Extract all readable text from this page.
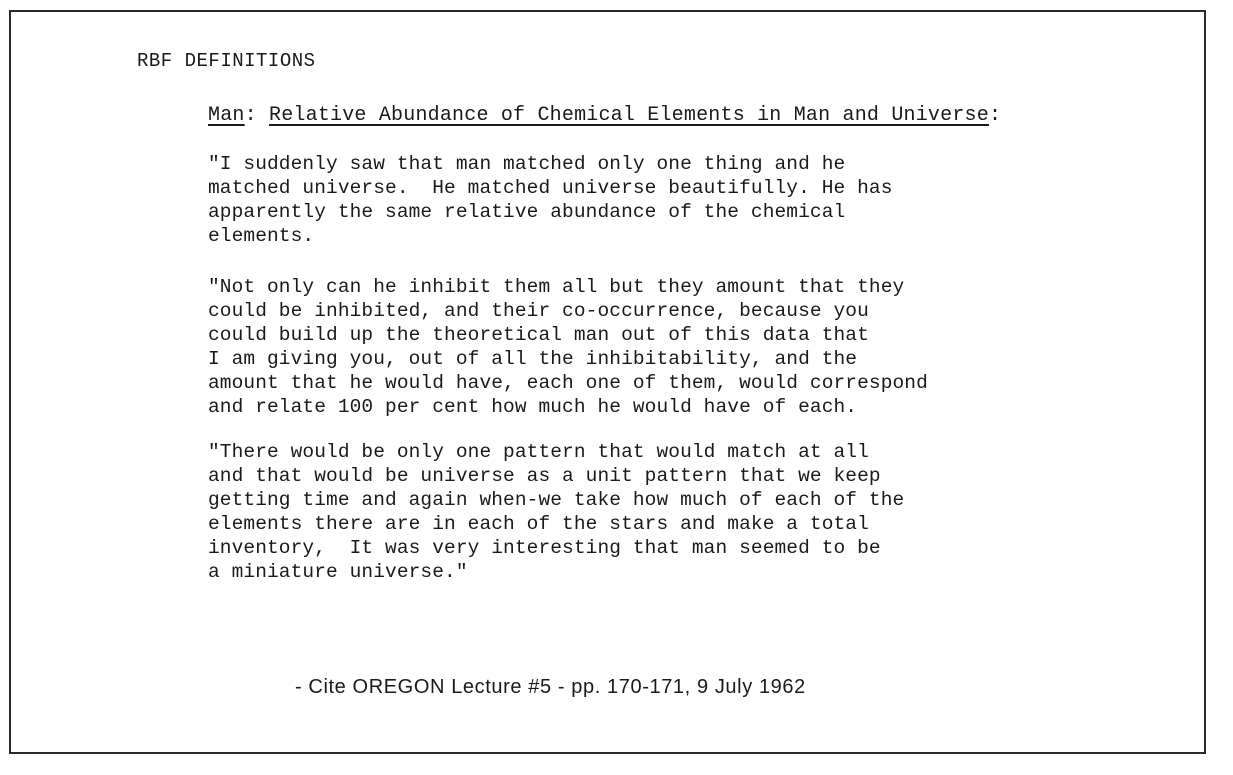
RBF DEFINITIONS
Man: Relative Abundance of Chemical Elements in Man and Universe:
"I suddenly saw that man matched only one thing and he
matched universe.  He matched universe beautifully. He has
apparently the same relative abundance of the chemical
elements.
"Not only can he inhibit them all but they amount that they
could be inhibited, and their co-occurrence, because you
could build up the theoretical man out of this data that
I am giving you, out of all the inhibitability, and the
amount that he would have, each one of them, would correspond
and relate 100 per cent how much he would have of each.
"There would be only one pattern that would match at all
and that would be universe as a unit pattern that we keep
getting time and again when-we take how much of each of the
elements there are in each of the stars and make a total
inventory,  It was very interesting that man seemed to be
a miniature universe."
- Cite OREGON Lecture #5 - pp. 170-171, 9 July 1962
